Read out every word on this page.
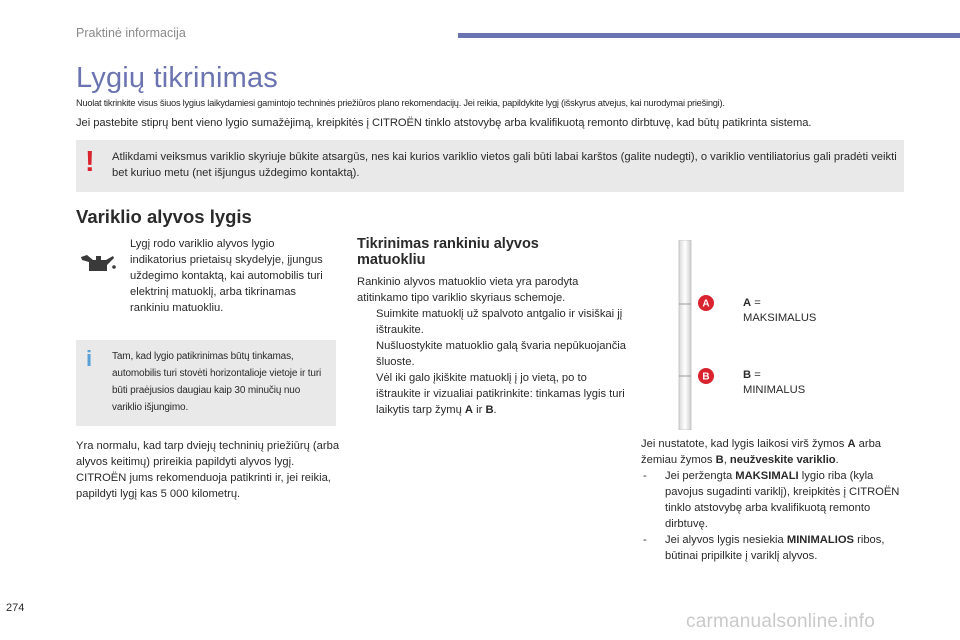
Praktinė informacija
Lygių tikrinimas

Nuolat tikrinkite visus šiuos lygius laikydamiesi gamintojo techninės priežiūros plano rekomendacijų. Jei reikia, papildykite lygį (išskyrus atvejus, kai nurodymai priešingi).

Jei pastebite stiprų bent vieno lygio sumažėjimą, kreipkitės į CITROËN tinklo atstovybę arba kvalifikuotą remonto dirbtuvę, kad būtų patikrinta sistema.

! Atlikdami veiksmus variklio skyriuje būkite atsargūs, nes kai kurios variklio vietos gali būti labai karštos (galite nudegti), o variklio ventiliatorius gali pradėti veikti bet kuriuo metu (net išjungus uždegimo kontaktą).

Variklio alyvos lygis

Lygį rodo variklio alyvos lygio indikatorius prietaisų skydelyje, įjungus uždegimo kontaktą, kai automobilis turi elektrinį matuoklį, arba tikrinamas rankiniu matuokliu.

i Tam, kad lygio patikrinimas būtų tinkamas, automobilis turi stovėti horizontalioje vietoje ir turi būti praėjusios daugiau kaip 30 minučių nuo variklio išjungimo.

Yra normalu, kad tarp dviejų techninių priežiūrų (arba alyvos keitimų) prireikia papildyti alyvos lygį. CITROËN jums rekomenduoja patikrinti ir, jei reikia, papildyti lygį kas 5 000 kilometrų.

Tikrinimas rankiniu alyvos matuokliu

Rankinio alyvos matuoklio vieta yra parodyta atitinkamo tipo variklio skyriaus schemoje.

Suimkite matuoklį už spalvoto antgalio ir visiškai jį ištraukite.
Nušluostykite matuoklio galą švaria nepūkuojančia šluoste.
Vėl iki galo įkiškite matuoklį į jo vietą, po to ištraukite ir vizualiai patikrinkite: tinkamas lygis turi laikytis tarp žymų A ir B.
A
B
A =
MAKSIMALUS
B =
MINIMALUS

Jei nustatote, kad lygis laikosi virš žymos A arba žemiau žymos B, neužveskite variklio.

- Jei peržengta MAKSIMALI lygio riba (kyla pavojus sugadinti variklį), kreipkitės į CITROËN tinklo atstovybę arba kvalifikuotą remonto dirbtuvę.
- Jei alyvos lygis nesiekia MINIMALIOS ribos, būtinai pripilkite į variklį alyvos.
274
carmanualsonline.info
